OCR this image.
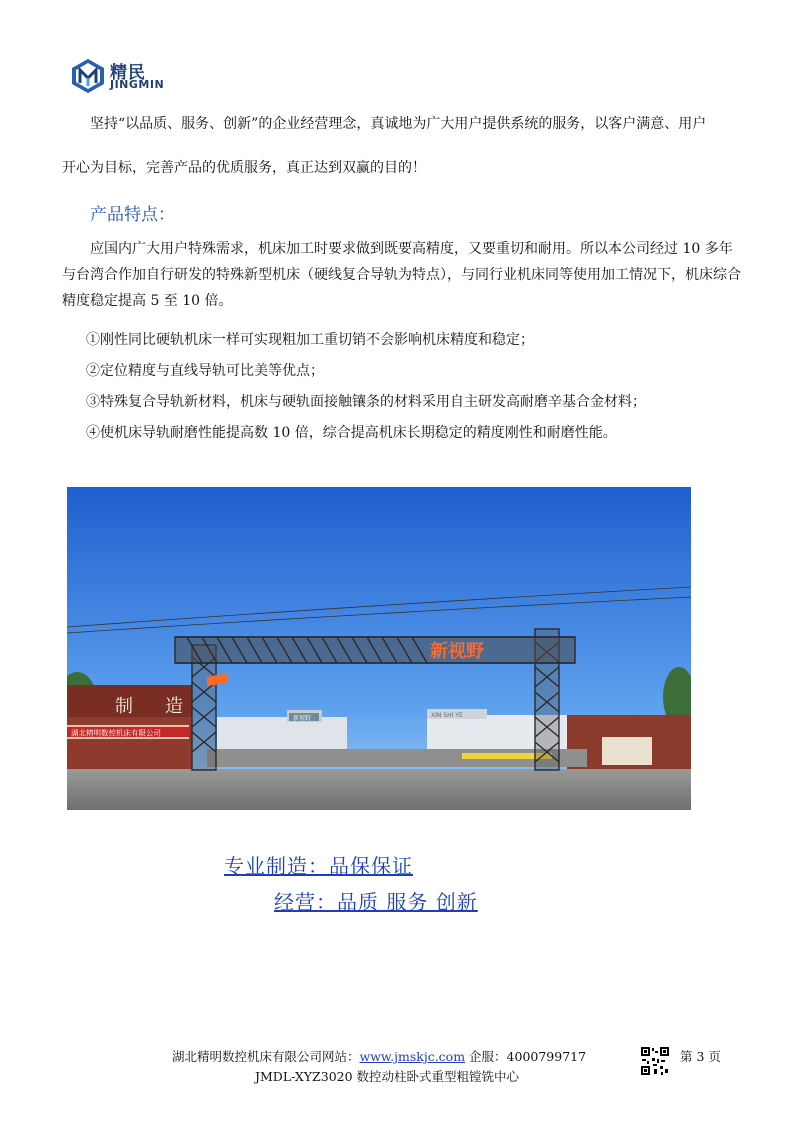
精民
JINGMIN

坚持“以品质、服务、创新”的企业经营理念，真诚地为广大用户提供系统的服务，以客户满意、用户

开心为目标，完善产品的优质服务，真正达到双赢的目的！

产品特点：

应国内广大用户特殊需求，机床加工时要求做到既要高精度，又要重切和耐用。所以本公司经过 10 多年与台湾合作加自行研发的特殊新型机床（硬线复合导轨为特点），与同行业机床同等使用加工情况下，机床综合精度稳定提高 5 至 10 倍。

①刚性同比硬轨机床一样可实现粗加工重切销不会影响机床精度和稳定；
②定位精度与直线导轨可比美等优点；
③特殊复合导轨新材料，机床与硬轨面接触镶条的材料采用自主研发高耐磨辛基合金材料；
④使机床导轨耐磨性能提高数 10 倍，综合提高机床长期稳定的精度刚性和耐磨性能。
新视野
制 造
湖北精明数控机床有限公司
新视野	XIN SHI YE
专业制造：品保保证
经营：品质 服务 创新
湖北精明数控机床有限公司网站：www.jmskjc.com 企服：4000799717
JMDL-XYZ3020 数控动柱卧式重型粗镗铣中心
第 3 页
